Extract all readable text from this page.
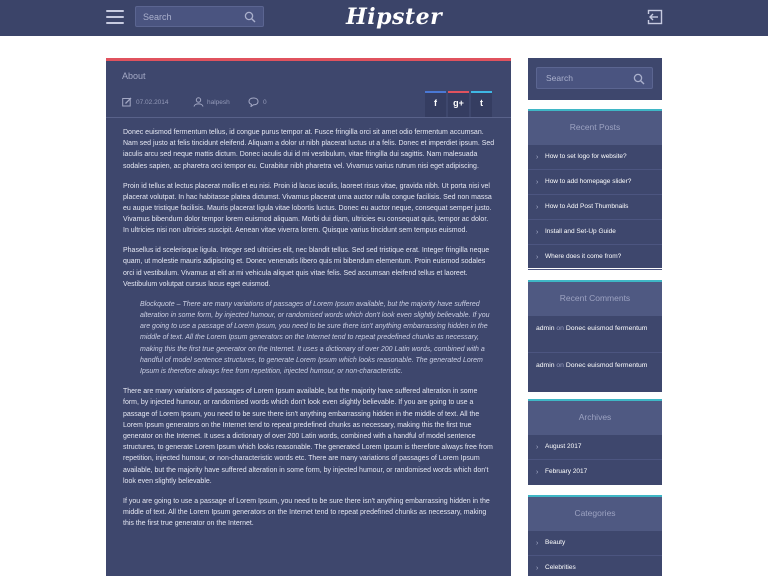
Search
Hipster
About
07.02.2014	halpesh	0	f	g+	t

Donec euismod fermentum tellus, id congue purus tempor at. Fusce fringilla orci sit amet odio fermentum accumsan. Nam sed justo at felis tincidunt eleifend. Aliquam a dolor ut nibh placerat luctus ut a felis. Donec et imperdiet ipsum. Sed iaculis arcu sed neque mattis dictum. Donec iaculis dui id mi vestibulum, vitae fringilla dui sagittis. Nam malesuada sodales sapien, ac pharetra orci tempor eu. Curabitur nibh pharetra vel. Vivamus varius rutrum nisi eget adipiscing.

Proin id tellus at lectus placerat mollis et eu nisi. Proin id lacus iaculis, laoreet risus vitae, gravida nibh. Ut porta nisi vel placerat volutpat. In hac habitasse platea dictumst. Vivamus placerat urna auctor nulla congue facilisis. Sed non massa eu augue tristique facilisis. Mauris placerat ligula vitae lobortis luctus. Donec eu auctor neque, consequat semper justo. Vivamus bibendum dolor tempor lorem euismod aliquam. Morbi dui diam, ultricies eu consequat quis, tempor ac dolor. In ultricies nisi non ultricies suscipit. Aenean vitae viverra lorem. Quisque varius tincidunt sem tempus euismod.

Phasellus id scelerisque ligula. Integer sed ultricies elit, nec blandit tellus. Sed sed tristique erat. Integer fringilla neque quam, ut molestie mauris adipiscing et. Donec venenatis libero quis mi bibendum elementum. Proin euismod sodales orci id vestibulum. Vivamus at elit at mi vehicula aliquet quis vitae felis. Sed accumsan eleifend tellus et laoreet. Vestibulum volutpat cursus lacus eget euismod.

Blockquote – There are many variations of passages of Lorem Ipsum available, but the majority have suffered alteration in some form, by injected humour, or randomised words which don't look even slightly believable. If you are going to use a passage of Lorem Ipsum, you need to be sure there isn't anything embarrassing hidden in the middle of text. All the Lorem Ipsum generators on the Internet tend to repeat predefined chunks as necessary, making this the first true generator on the Internet. It uses a dictionary of over 200 Latin words, combined with a handful of model sentence structures, to generate Lorem Ipsum which looks reasonable. The generated Lorem Ipsum is therefore always free from repetition, injected humour, or non-characteristic.

There are many variations of passages of Lorem Ipsum available, but the majority have suffered alteration in some form, by injected humour, or randomised words which don't look even slightly believable. If you are going to use a passage of Lorem Ipsum, you need to be sure there isn't anything embarrassing hidden in the middle of text. All the Lorem Ipsum generators on the Internet tend to repeat predefined chunks as necessary, making this the first true generator on the Internet. It uses a dictionary of over 200 Latin words, combined with a handful of model sentence structures, to generate Lorem Ipsum which looks reasonable. The generated Lorem Ipsum is therefore always free from repetition, injected humour, or non-characteristic words etc. There are many variations of passages of Lorem Ipsum available, but the majority have suffered alteration in some form, by injected humour, or randomised words which don't look even slightly believable.

If you are going to use a passage of Lorem Ipsum, you need to be sure there isn't anything embarrassing hidden in the middle of text. All the Lorem Ipsum generators on the Internet tend to repeat predefined chunks as necessary, making this the first true generator on the Internet.

Search
Recent Posts
› How to set logo for website?
› How to add homepage slider?
› How to Add Post Thumbnails
› Install and Set-Up Guide
› Where does it come from?
Recent Comments
admin on Donec euismod fermentum
admin on Donec euismod fermentum
Archives
› August 2017
› February 2017
Categories
› Beauty
› Celebrities
